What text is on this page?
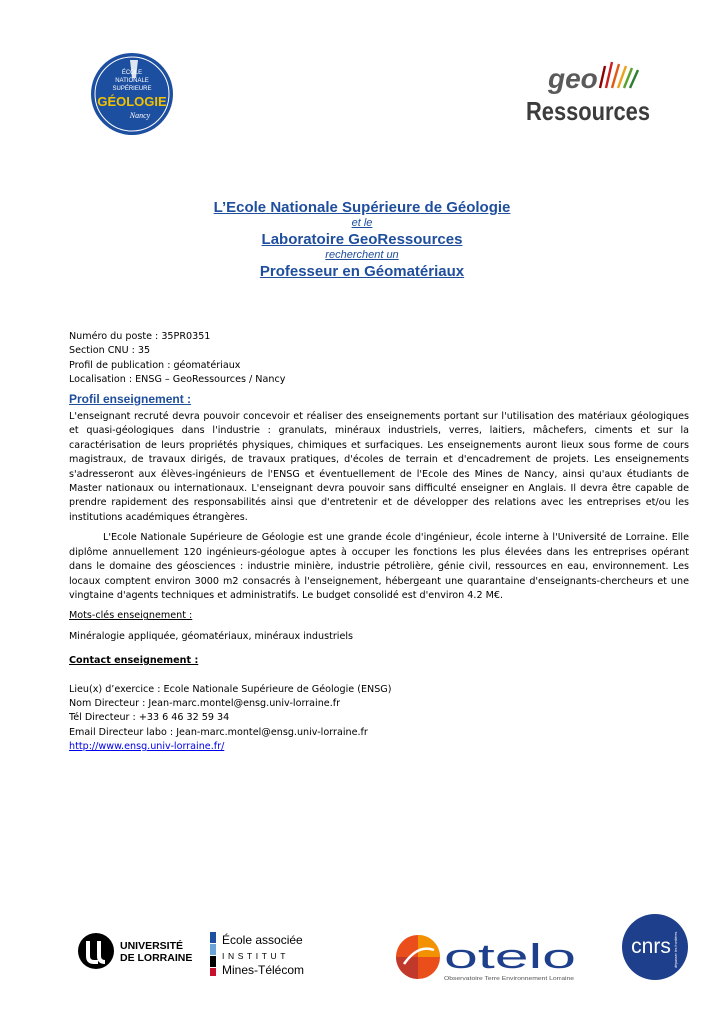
ÉCOLE
NATIONALE
SUPÉRIEURE
GÉOLOGIE
Nancy
geo
Ressources
L’Ecole Nationale Supérieure de Géologie
et le
Laboratoire GeoRessources
recherchent un
Professeur en Géomatériaux
Numéro du poste : 35PR0351
Section CNU : 35
Profil de publication : géomatériaux
Localisation : ENSG – GeoRessources / Nancy
Profil enseignement :

L'enseignant recruté devra pouvoir concevoir et réaliser des enseignements portant sur l'utilisation des matériaux géologiques et quasi-géologiques dans l'industrie : granulats, minéraux industriels, verres, laitiers, mâchefers, ciments et sur la caractérisation de leurs propriétés physiques, chimiques et surfaciques. Les enseignements auront lieux sous forme de cours magistraux, de travaux dirigés, de travaux pratiques, d'écoles de terrain et d'encadrement de projets. Les enseignements s'adresseront aux élèves-ingénieurs de l'ENSG et éventuellement de l'Ecole des Mines de Nancy, ainsi qu'aux étudiants de Master nationaux ou internationaux. L'enseignant devra pouvoir sans difficulté enseigner en Anglais. Il devra être capable de prendre rapidement des responsabilités ainsi que d'entretenir et de développer des relations avec les entreprises et/ou les institutions académiques étrangères.

L'Ecole Nationale Supérieure de Géologie est une grande école d'ingénieur, école interne à l'Université de Lorraine. Elle diplôme annuellement 120 ingénieurs-géologue aptes à occuper les fonctions les plus élevées dans les entreprises opérant dans le domaine des géosciences : industrie minière, industrie pétrolière, génie civil, ressources en eau, environnement. Les locaux comptent environ 3000 m2 consacrés à l'enseignement, hébergeant une quarantaine d'enseignants-chercheurs et une vingtaine d'agents techniques et administratifs. Le budget consolidé est d'environ 4.2 M€.

Mots-clés enseignement :
Minéralogie appliquée, géomatériaux, minéraux industriels
Contact enseignement :
Lieu(x) d’exercice : Ecole Nationale Supérieure de Géologie (ENSG)
Nom Directeur : Jean-marc.montel@ensg.univ-lorraine.fr
Tél Directeur : +33 6 46 32 59 34
Email Directeur labo : Jean-marc.montel@ensg.univ-lorraine.fr
http://www.ensg.univ-lorraine.fr/
UNIVERSITÉ
DE LORRAINE
École associée
INSTITUT
Mines-Télécom	otelo
Observatoire Terre Environnement Lorraine
cnrs dépasser les frontières
